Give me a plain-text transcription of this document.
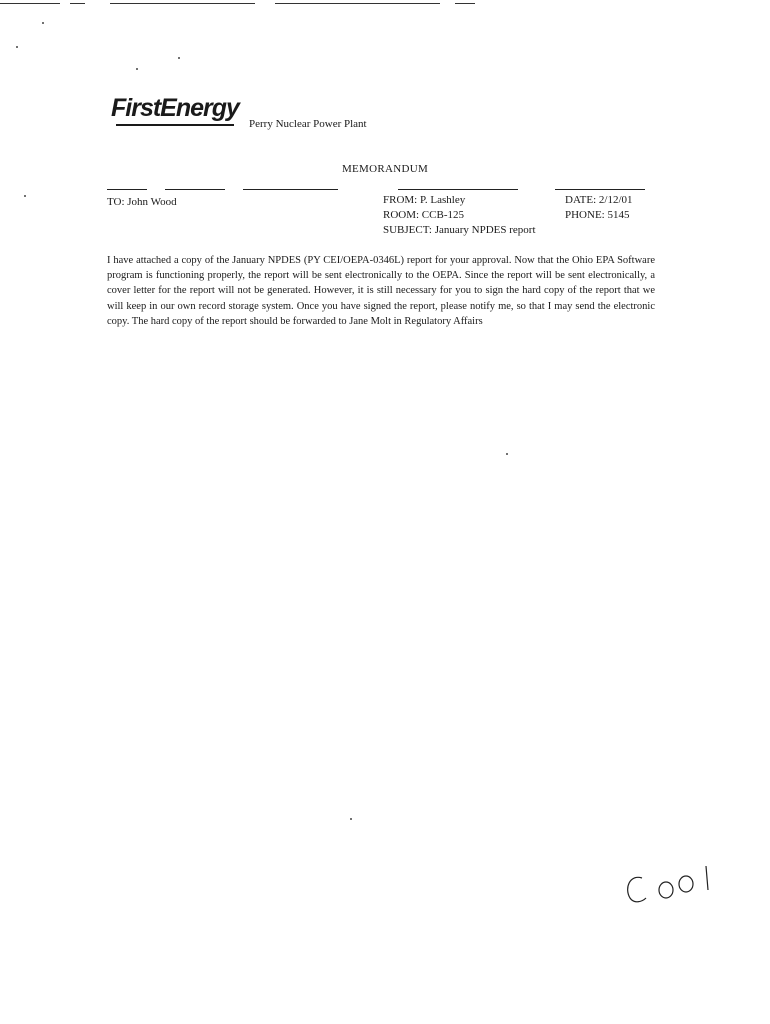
FirstEnergy
Perry Nuclear Power Plant
MEMORANDUM
TO: John Wood	FROM: P. Lashley	DATE: 2/12/01
ROOM: CCB-125	PHONE: 5145
SUBJECT: January NPDES report

I have attached a copy of the January NPDES (PY CEI/OEPA-0346L) report for your approval. Now that the Ohio EPA Software program is functioning properly, the report will be sent electronically to the OEPA. Since the report will be sent electronically, a cover letter for the report will not be generated. However, it is still necessary for you to sign the hard copy of the report that we will keep in our own record storage system. Once you have signed the report, please notify me, so that I may send the electronic copy. The hard copy of the report should be forwarded to Jane Molt in Regulatory Affairs
